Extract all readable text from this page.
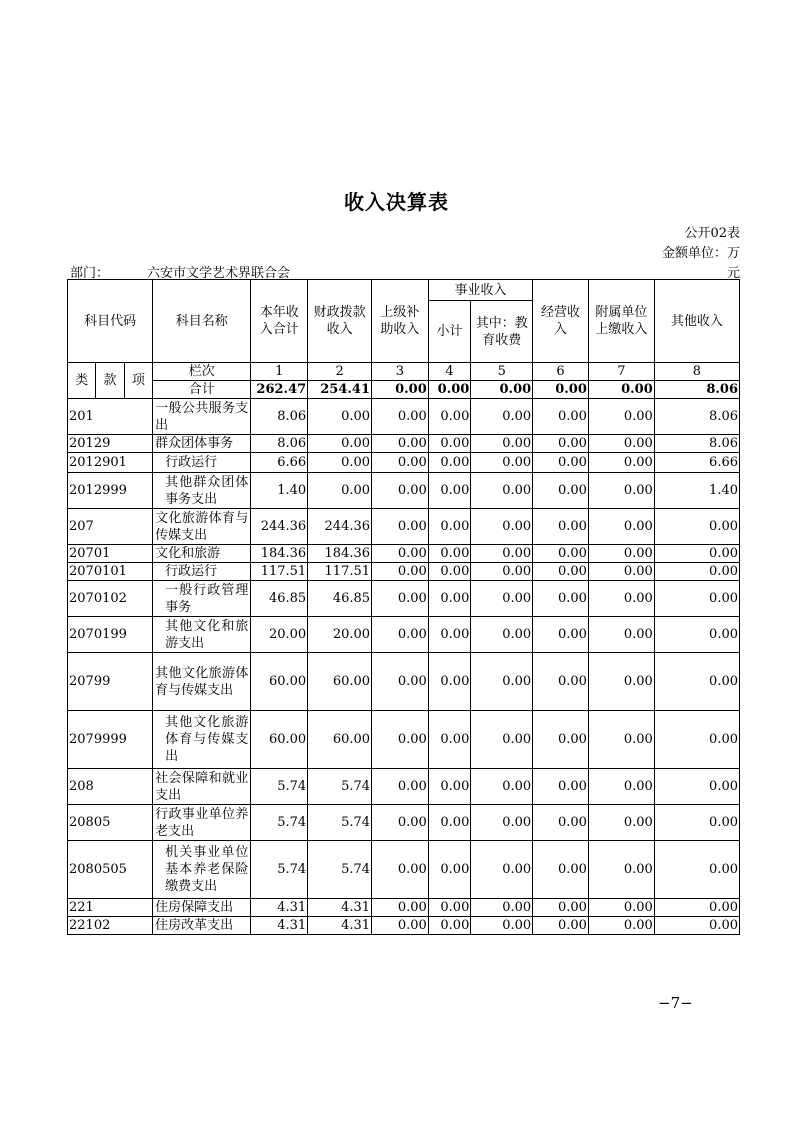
收入决算表
公开02表
金额单位：万
元
部门：	六安市文学艺术界联合会
科目代码			科目名称	本年收入合计	财政拨款收入	上级补助收入	事业收入		经营收入	附属单位上缴收入	其他收入
							小计	其中：教育收费			
类	款	项	栏次	1	2	3	4	5	6	7	8
			合计	262.47	254.41	0.00	0.00	0.00	0.00	0.00	8.06
201			一般公共服务支出	8.06	0.00	0.00	0.00	0.00	0.00	0.00	8.06
20129			群众团体事务	8.06	0.00	0.00	0.00	0.00	0.00	0.00	8.06
2012901			行政运行	6.66	0.00	0.00	0.00	0.00	0.00	0.00	6.66
2012999			其他群众团体事务支出	1.40	0.00	0.00	0.00	0.00	0.00	0.00	1.40
207			文化旅游体育与传媒支出	244.36	244.36	0.00	0.00	0.00	0.00	0.00	0.00
20701			文化和旅游	184.36	184.36	0.00	0.00	0.00	0.00	0.00	0.00
2070101			行政运行	117.51	117.51	0.00	0.00	0.00	0.00	0.00	0.00
2070102			一般行政管理事务	46.85	46.85	0.00	0.00	0.00	0.00	0.00	0.00
2070199			其他文化和旅游支出	20.00	20.00	0.00	0.00	0.00	0.00	0.00	0.00
20799			其他文化旅游体育与传媒支出	60.00	60.00	0.00	0.00	0.00	0.00	0.00	0.00
2079999			其他文化旅游体育与传媒支出	60.00	60.00	0.00	0.00	0.00	0.00	0.00	0.00
208			社会保障和就业支出	5.74	5.74	0.00	0.00	0.00	0.00	0.00	0.00
20805			行政事业单位养老支出	5.74	5.74	0.00	0.00	0.00	0.00	0.00	0.00
2080505			机关事业单位基本养老保险缴费支出	5.74	5.74	0.00	0.00	0.00	0.00	0.00	0.00
221			住房保障支出	4.31	4.31	0.00	0.00	0.00	0.00	0.00	0.00
22102			住房改革支出	4.31	4.31	0.00	0.00	0.00	0.00	0.00	0.00
−7−
